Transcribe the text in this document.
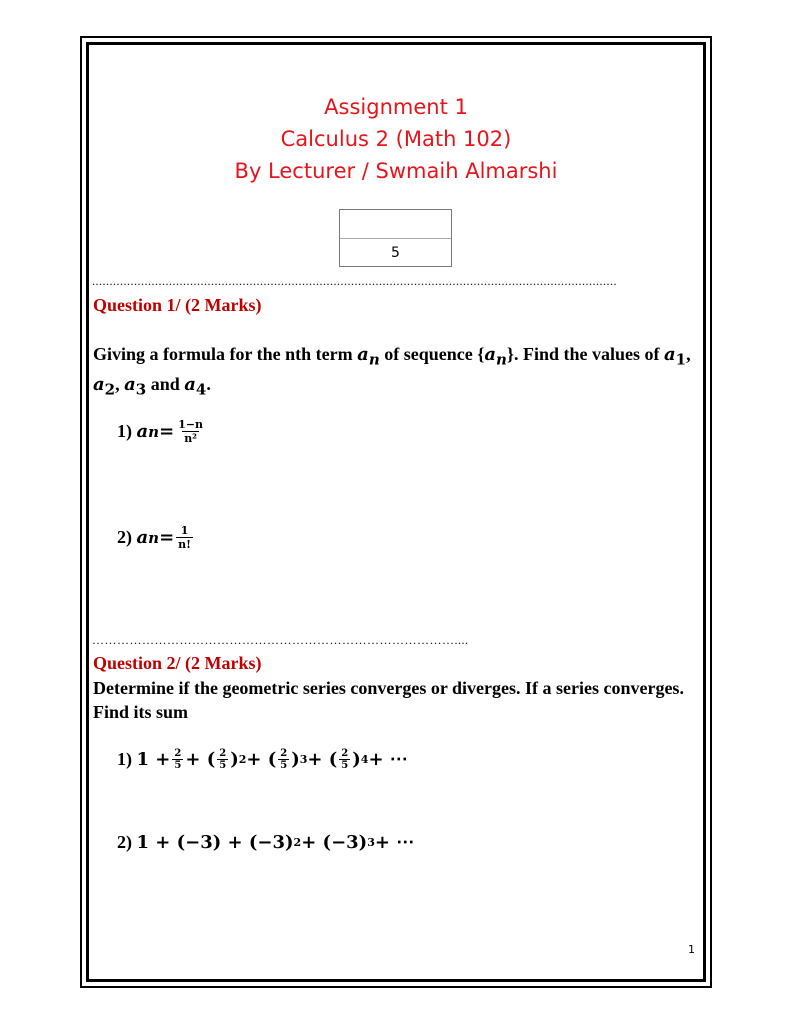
Assignment 1
Calculus 2 (Math 102)
By Lecturer / Swmaih Almarshi
5
......................................................................................................................................................
Question 1/ (2 Marks)
Giving a formula for the nth term $a_n$ of sequence $\{a_n\}$. Find the values of $a_1$, $a_2$, $a_3$ and $a_4$.
1)
a $n = \frac{1-n}{\text{n²}}$
2)
a $n = \frac{1}{n!}$
……………………………………………………………………………....
Question 2/ (2 Marks)
Determine if the geometric series converges or diverges. If a series converges. Find its sum
1)
$1 + \frac{2}{5}$ + ( $\frac{2}{5}$ ) 2 + ( $\frac{2}{5}$ ) 3 + ( $\frac{2}{5}$ ) 4 + ⋯
2)
1 + (−3) + (−3) 2 + (−3) 3 + ⋯
1
